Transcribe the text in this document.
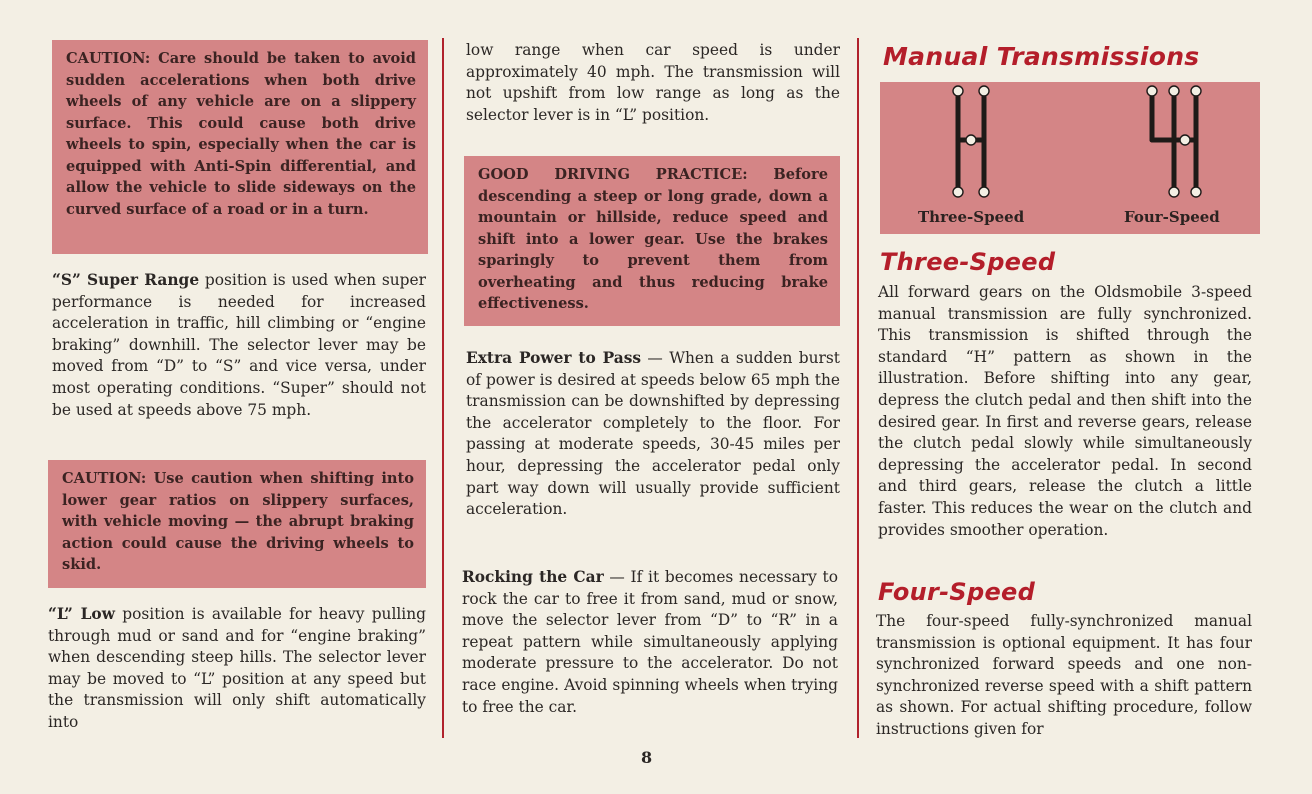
CAUTION: Care should be taken to avoid sudden accelerations when both drive wheels of any vehicle are on a slippery surface. This could cause both drive wheels to spin, especially when the car is equipped with Anti-Spin differential, and allow the vehicle to slide sideways on the curved surface of a road or in a turn.
“S” Super Range position is used when super performance is needed for increased acceleration in traffic, hill climbing or “engine braking” downhill. The selector lever may be moved from “D” to “S” and vice versa, under most operating conditions. “Super” should not be used at speeds above 75 mph.
CAUTION: Use caution when shifting into lower gear ratios on slippery surfaces, with vehicle moving — the abrupt braking action could cause the driving wheels to skid.
“L” Low position is available for heavy pulling through mud or sand and for “engine braking” when descending steep hills. The selector lever may be moved to “L” position at any speed but the transmission will only shift automatically into
low range when car speed is under approximately 40 mph. The transmission will not upshift from low range as long as the selector lever is in “L” position.
GOOD DRIVING PRACTICE: Before descending a steep or long grade, down a mountain or hillside, reduce speed and shift into a lower gear. Use the brakes sparingly to prevent them from overheating and thus reducing brake effectiveness.
Extra Power to Pass — When a sudden burst of power is desired at speeds below 65 mph the transmission can be downshifted by depressing the accelerator completely to the floor. For passing at moderate speeds, 30-45 miles per hour, depressing the accelerator pedal only part way down will usually provide sufficient acceleration.
Rocking the Car — If it becomes necessary to rock the car to free it from sand, mud or snow, move the selector lever from “D” to “R” in a repeat pattern while simultaneously applying moderate pressure to the accelerator. Do not race engine. Avoid spinning wheels when trying to free the car.
8
Manual Transmissions
Three-Speed	Four-Speed
Three-Speed
All forward gears on the Oldsmobile 3-speed manual transmission are fully synchronized. This transmission is shifted through the standard “H” pattern as shown in the illustration. Before shifting into any gear, depress the clutch pedal and then shift into the desired gear. In first and reverse gears, release the clutch pedal slowly while simultaneously depressing the accelerator pedal. In second and third gears, release the clutch a little faster. This reduces the wear on the clutch and provides smoother operation.
Four-Speed
The four-speed fully-synchronized manual transmission is optional equipment. It has four synchronized forward speeds and one non-synchronized reverse speed with a shift pattern as shown. For actual shifting procedure, follow instructions given for
